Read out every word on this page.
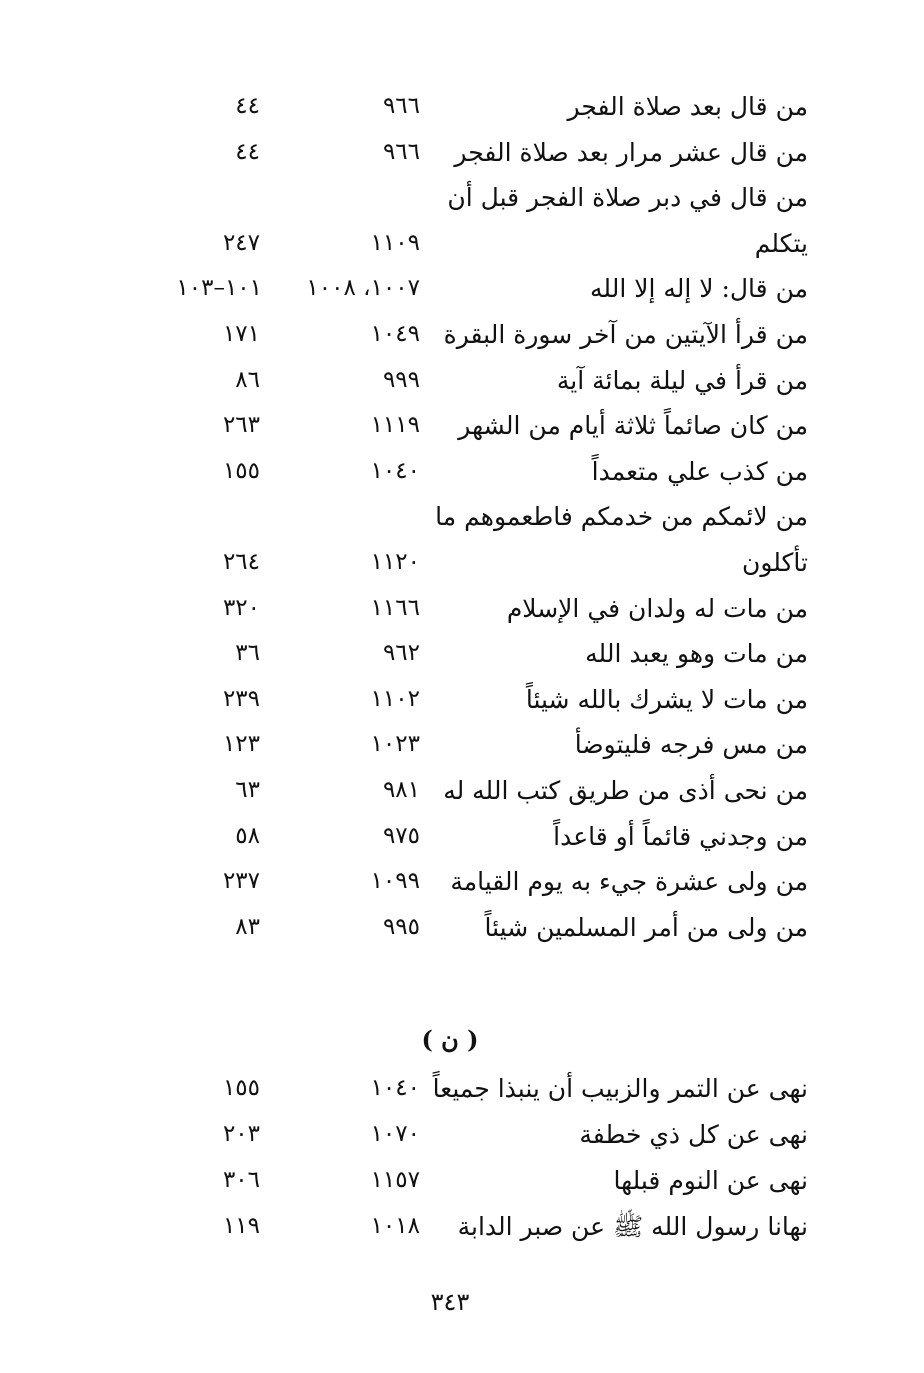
من قال بعد صلاة الفجر
٩٦٦
٤٤
من قال عشر مرار بعد صلاة الفجر
٩٦٦
٤٤
من قال في دبر صلاة الفجر قبل أن
يتكلم
١١٠٩
٢٤٧
من قال: لا إله إلا الله
١٠٠٧، ١٠٠٨
١٠١–١٠٣
من قرأ الآيتين من آخر سورة البقرة
١٠٤٩
١٧١
من قرأ في ليلة بمائة آية
٩٩٩
٨٦
من كان صائماً ثلاثة أيام من الشهر
١١١٩
٢٦٣
من كذب علي متعمداً
١٠٤٠
١٥٥
من لائمكم من خدمكم فاطعموهم ما
تأكلون
١١٢٠
٢٦٤
من مات له ولدان في الإسلام
١١٦٦
٣٢٠
من مات وهو يعبد الله
٩٦٢
٣٦
من مات لا يشرك بالله شيئاً
١١٠٢
٢٣٩
من مس فرجه فليتوضأ
١٠٢٣
١٢٣
من نحى أذى من طريق كتب الله له
٩٨١
٦٣
من وجدني قائماً أو قاعداً
٩٧٥
٥٨
من ولى عشرة جيء به يوم القيامة
١٠٩٩
٢٣٧
من ولى من أمر المسلمين شيئاً
٩٩٥
٨٣
( ن )
نهى عن التمر والزبيب أن ينبذا جميعاً
١٠٤٠
١٥٥
نهى عن كل ذي خطفة
١٠٧٠
٢٠٣
نهى عن النوم قبلها
١١٥٧
٣٠٦
نهانا رسول الله ﷺ عن صبر الدابة
١٠١٨
١١٩
٣٤٣
